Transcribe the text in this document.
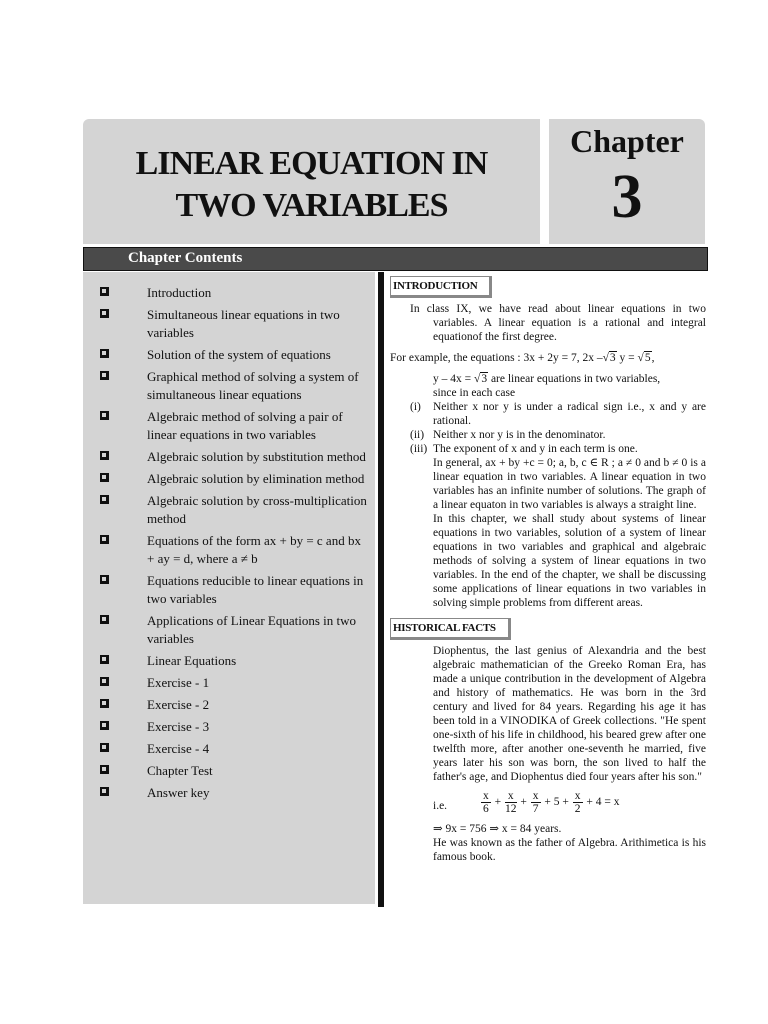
LINEAR EQUATION IN
TWO VARIABLES
Chapter
3
Chapter Contents
Introduction
Simultaneous linear equations in two variables
Solution of the system of equations
Graphical method of solving a system of simultaneous linear equations
Algebraic method of solving a pair of linear equations in two variables
Algebraic solution by substitution method
Algebraic solution by elimination method
Algebraic solution by cross-multiplication method
Equations of the form ax + by = c and bx + ay = d, where a ≠ b
Equations reducible to linear equations in two variables
Applications of Linear Equations in two variables
Linear Equations
Exercise - 1
Exercise - 2
Exercise - 3
Exercise - 4
Chapter Test
Answer key
INTRODUCTION

In class IX, we have read about linear equations in two variables. A linear equation is a rational and integral equationof the first degree.

For example, the equations : 3x + 2y = 7, 2x –√3 y = √5,
y – 4x = √3 are linear equations in two variables,
since in each case
(i) Neither x nor y is under a radical sign i.e., x and y are rational.
(ii) Neither x nor y is in the denominator.
(iii) The exponent of x and y in each term is one.

In general, ax + by +c = 0; a, b, c ∈ R ; a ≠ 0 and b ≠ 0 is a linear equation in two variables. A linear equation in two variables has an infinite number of solutions. The graph of a linear equaton in two variables is always a straight line.

In this chapter, we shall study about systems of linear equations in two variables, solution of a system of linear equations in two variables and graphical and algebraic methods of solving a system of linear equations in two variables. In the end of the chapter, we shall be discussing some applications of linear equations in two variables in solving simple problems from different areas.

HISTORICAL FACTS

Diophentus, the last genius of Alexandria and the best algebraic mathematician of the Greeko Roman Era, has made a unique contribution in the development of Algebra and history of mathematics. He was born in the 3rd century and lived for 84 years. Regarding his age it has been told in a VINODIKA of Greek collections. "He spent one-sixth of his life in childhood, his beared grew after one twelfth more, after another one-seventh he married, five years later his son was born, the son lived to half the father's age, and Diophentus died four years after his son."

i.e.	$\frac{x}{6} + \frac{x}{12} + \frac{x}{7} + 5 + \frac{x}{2} + 4 = x$
⇒ 9x = 756 ⇒ x = 84 years.

He was known as the father of Algebra. Arithimetica is his famous book.
